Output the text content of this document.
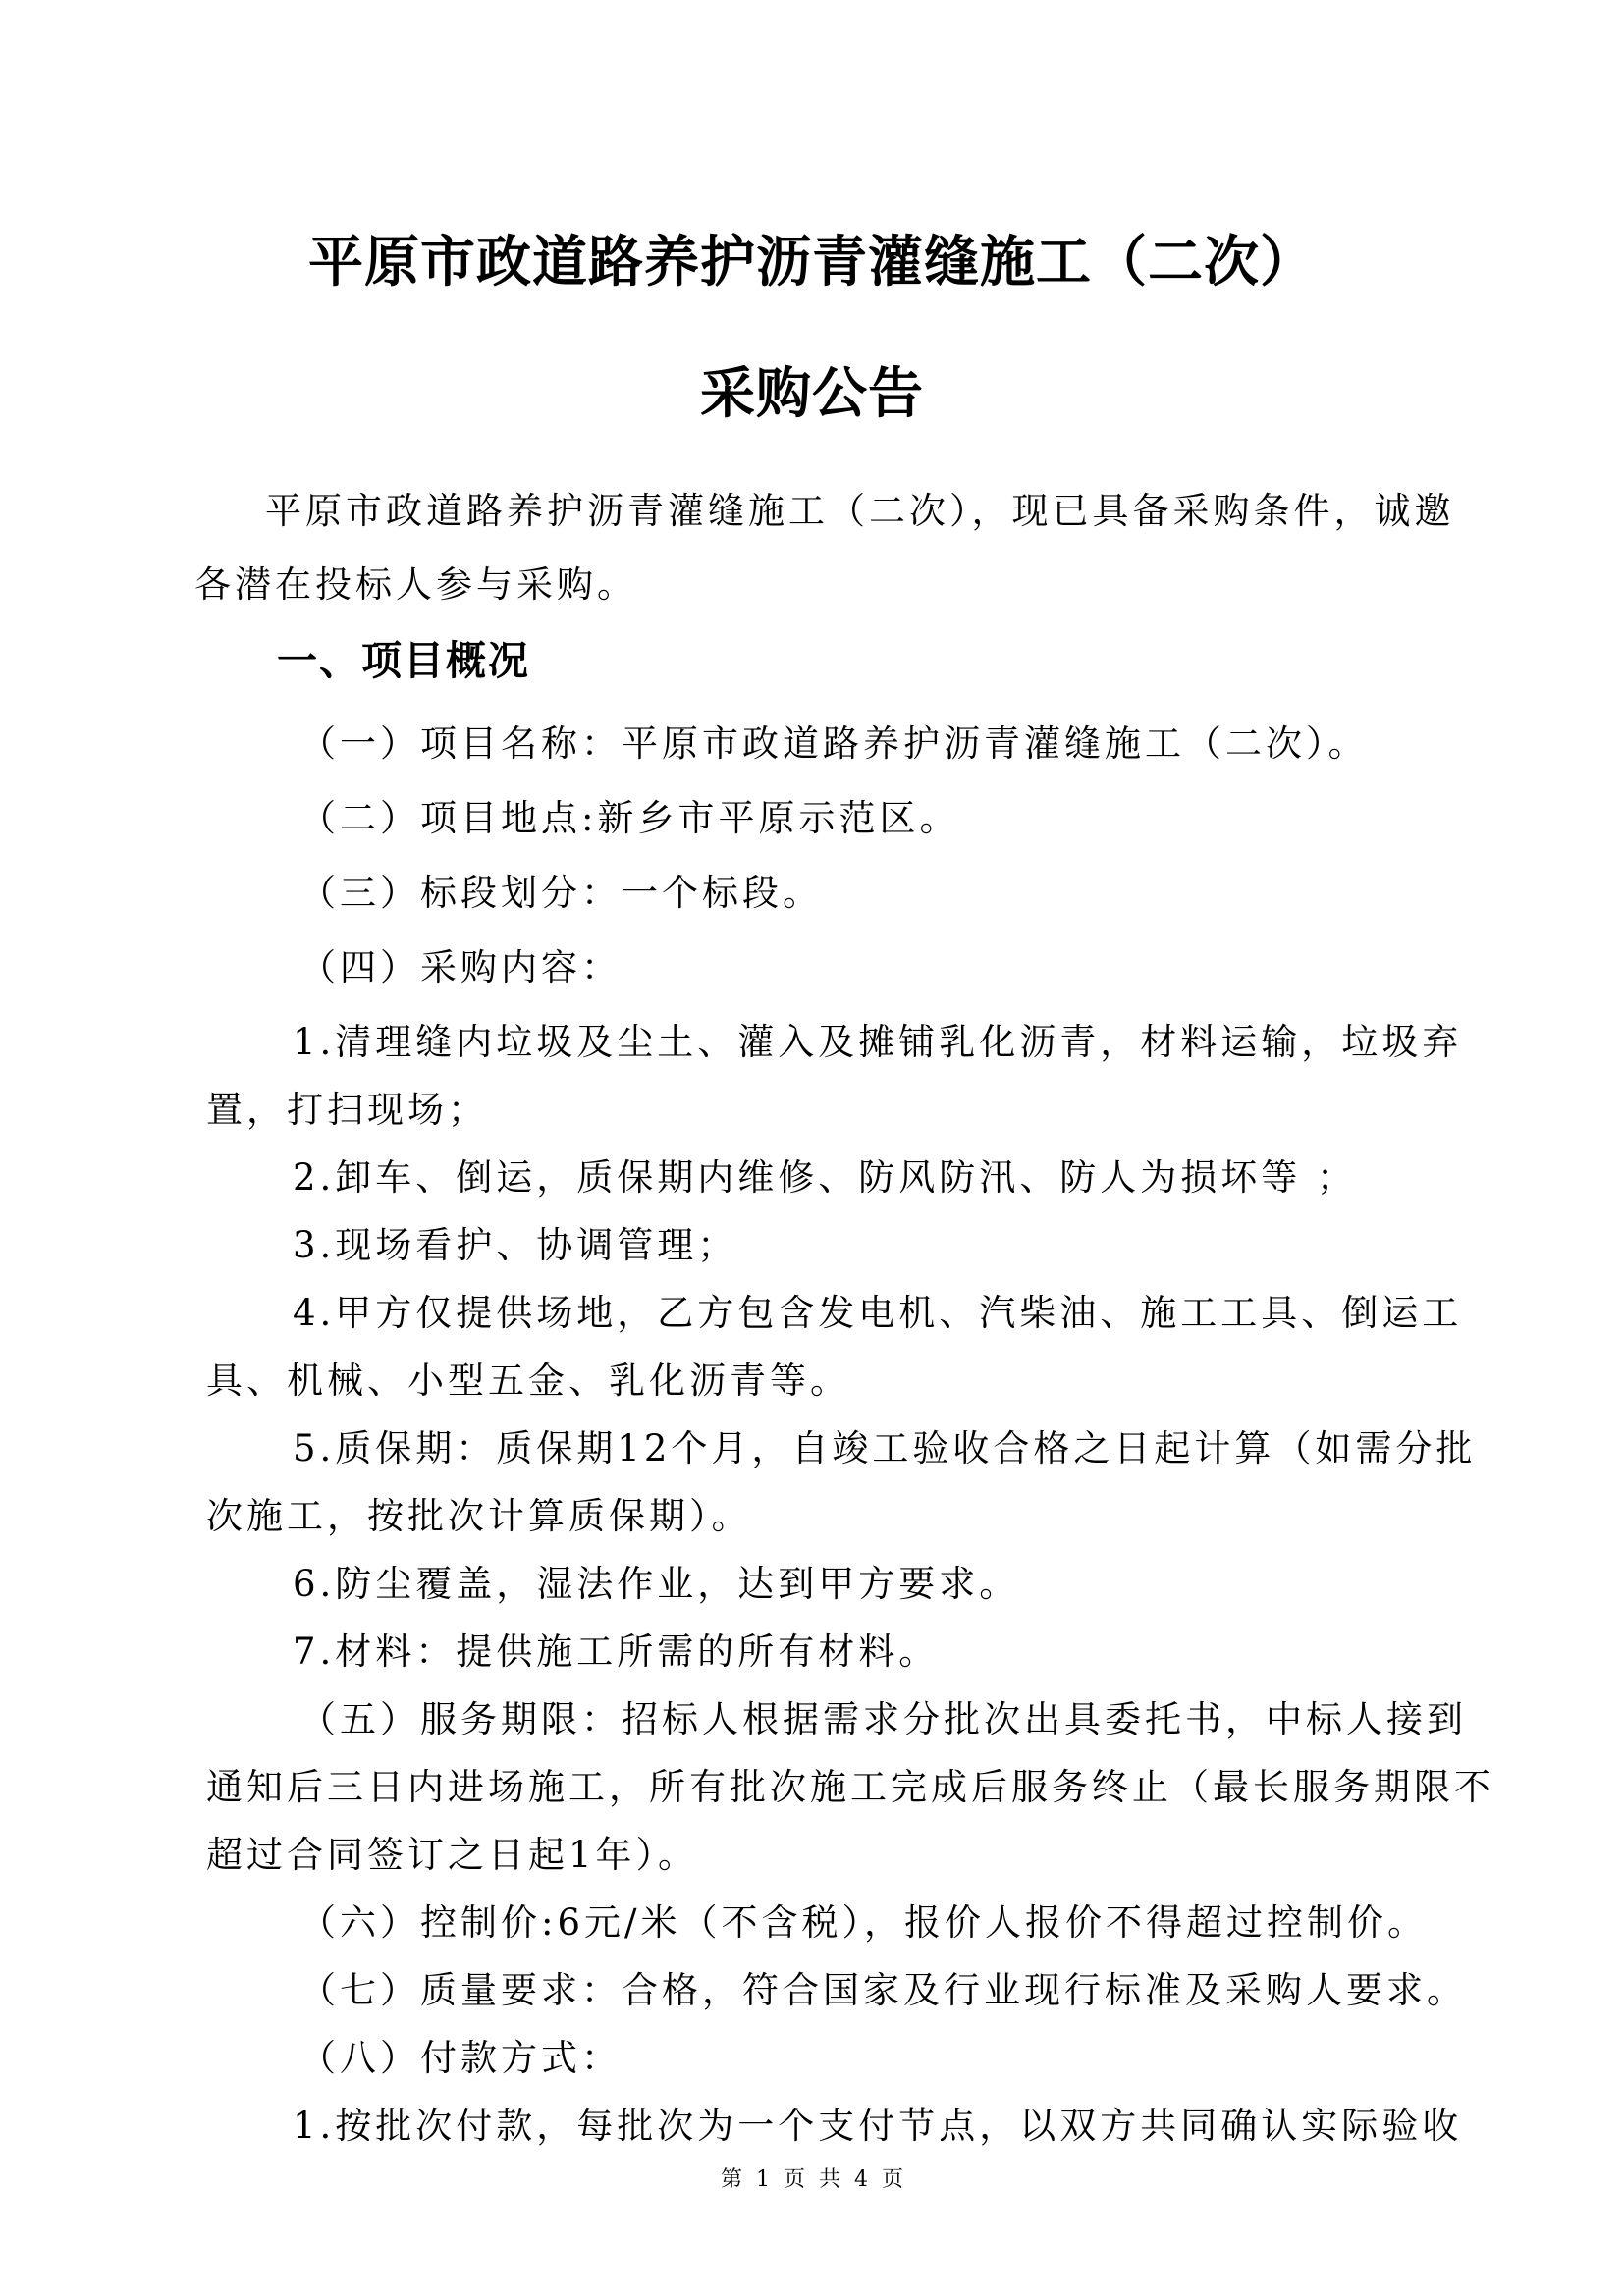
平原市政道路养护沥青灌缝施工（二次）
采购公告
平原市政道路养护沥青灌缝施工（二次），现已具备采购条件，诚邀
各潜在投标人参与采购。
一、项目概况
（一）项目名称：平原市政道路养护沥青灌缝施工（二次）。
（二）项目地点:新乡市平原示范区。
（三）标段划分：一个标段。
（四）采购内容：
1.清理缝内垃圾及尘土、灌入及摊铺乳化沥青，材料运输，垃圾弃
置，打扫现场；
2.卸车、倒运，质保期内维修、防风防汛、防人为损坏等 ；
3.现场看护、协调管理；
4.甲方仅提供场地，乙方包含发电机、汽柴油、施工工具、倒运工
具、机械、小型五金、乳化沥青等。
5.质保期：质保期12个月，自竣工验收合格之日起计算（如需分批
次施工，按批次计算质保期）。
6.防尘覆盖，湿法作业，达到甲方要求。
7.材料：提供施工所需的所有材料。
（五）服务期限：招标人根据需求分批次出具委托书，中标人接到
通知后三日内进场施工，所有批次施工完成后服务终止（最长服务期限不
超过合同签订之日起1年）。
（六）控制价:6元/米（不含税），报价人报价不得超过控制价。
（七）质量要求：合格，符合国家及行业现行标准及采购人要求。
（八）付款方式：
1.按批次付款，每批次为一个支付节点，以双方共同确认实际验收
第 1 页 共 4 页
